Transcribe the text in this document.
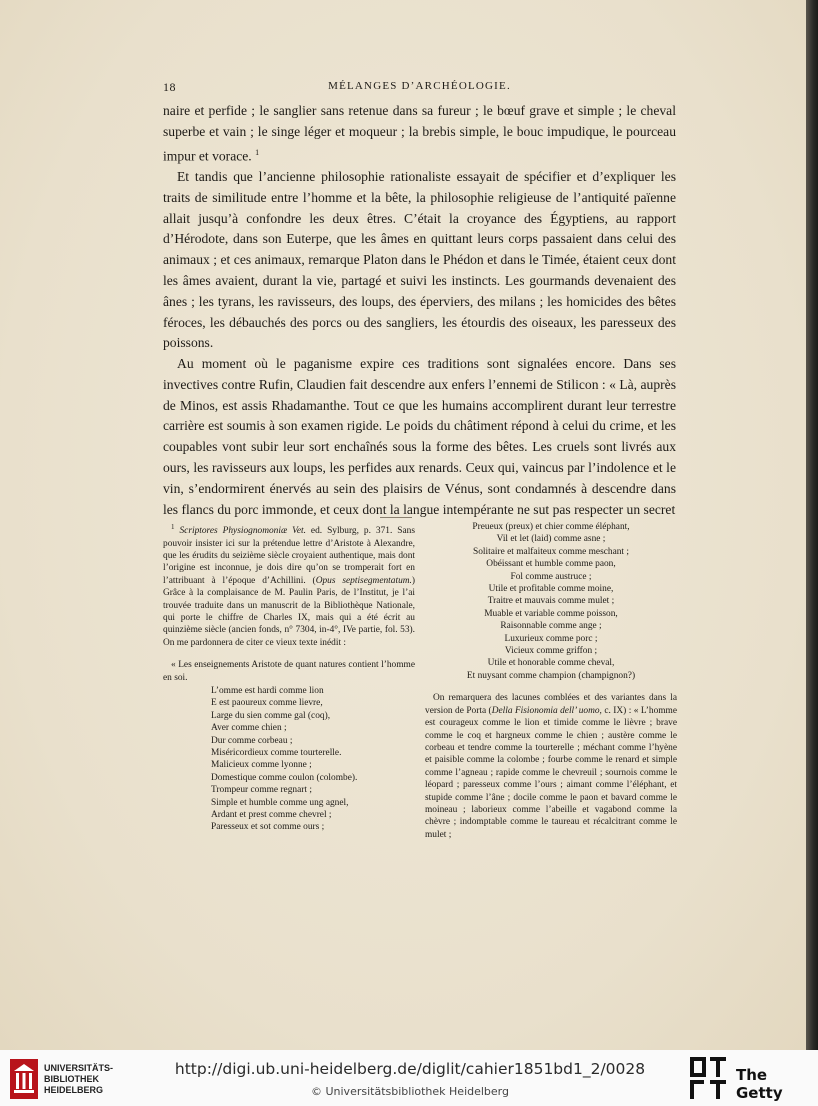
18	MÉLANGES D’ARCHÉOLOGIE.

naire et perfide ; le sanglier sans retenue dans sa fureur ; le bœuf grave et simple ; le cheval superbe et vain ; le singe léger et moqueur ; la brebis simple, le bouc impudique, le pourceau impur et vorace. $^1$

Et tandis que l’ancienne philosophie rationaliste essayait de spécifier et d’expliquer les traits de similitude entre l’homme et la bête, la philosophie religieuse de l’antiquité païenne allait jusqu’à confondre les deux êtres. C’était la croyance des Égyptiens, au rapport d’Hérodote, dans son Euterpe, que les âmes en quittant leurs corps passaient dans celui des animaux ; et ces animaux, remarque Platon dans le Phédon et dans le Timée, étaient ceux dont les âmes avaient, durant la vie, partagé et suivi les instincts. Les gourmands devenaient des ânes ; les tyrans, les ravisseurs, des loups, des éperviers, des milans ; les homicides des bêtes féroces, les débauchés des porcs ou des sangliers, les étourdis des oiseaux, les paresseux des poissons.

Au moment où le paganisme expire ces traditions sont signalées encore. Dans ses invectives contre Rufin, Claudien fait descendre aux enfers l’ennemi de Stilicon : « Là, auprès de Minos, est assis Rhadamanthe. Tout ce que les humains accomplirent durant leur terrestre carrière est soumis à son examen rigide. Le poids du châtiment répond à celui du crime, et les coupables vont subir leur sort enchaînés sous la forme des bêtes. Les cruels sont livrés aux ours, les ravisseurs aux loups, les perfides aux renards. Ceux qui, vaincus par l’indolence et le vin, s’endormirent énervés au sein des plaisirs de Vénus, sont condamnés à descendre dans les flancs du porc immonde, et ceux dont la langue intempérante ne sut pas respecter un secret

$^1$ Scriptores Physiognomoniæ Vet. ed. Sylburg, p. 371. Sans pouvoir insister ici sur la prétendue lettre d’Aristote à Alexandre, que les érudits du seizième siècle croyaient authentique, mais dont l’origine est inconnue, je dois dire qu’on se tromperait fort en l’attribuant à l’époque d’Achillini. (Opus septisegmentatum.) Grâce à la complaisance de M. Paulin Paris, de l’Institut, je l’ai trouvée traduite dans un manuscrit de la Bibliothèque Nationale, qui porte le chiffre de Charles IX, mais qui a été écrit au quinzième siècle (ancien fonds, n° 7304, in-4°, IVe partie, fol. 53). On me pardonnera de citer ce vieux texte inédit :

« Les enseignements Aristote de quant natures contient l’homme en soi.

L’omme est hardi comme lion
E est paoureux comme lievre,
Large du sien comme gal (coq),
Aver comme chien ;
Dur comme corbeau ;
Miséricordieux comme tourterelle.
Malicieux comme lyonne ;
Domestique comme coulon (colombe).
Trompeur comme regnart ;
Simple et humble comme ung agnel,
Ardant et prest comme chevrel ;
Paresseux et sot comme ours ;
Preueux (preux) et chier comme éléphant,
Vil et let (laid) comme asne ;
Solitaire et malfaiteux comme meschant ;
Obéissant et humble comme paon,
Fol comme austruce ;
Utile et profitable comme moine,
Traitre et mauvais comme mulet ;
Muable et variable comme poisson,
Raisonnable comme ange ;
Luxurieux comme porc ;
Vicieux comme griffon ;
Utile et honorable comme cheval,
Et nuysant comme champion (champignon?)

On remarquera des lacunes comblées et des variantes dans la version de Porta (Della Fisionomia dell’ uomo, c. IX) : « L’homme est courageux comme le lion et timide comme le lièvre ; brave comme le coq et hargneux comme le chien ; austère comme le corbeau et tendre comme la tourterelle ; méchant comme l’hyène et paisible comme la colombe ; fourbe comme le renard et simple comme l’agneau ; rapide comme le chevreuil ; sournois comme le léopard ; paresseux comme l’ours ; aimant comme l’éléphant, et stupide comme l’âne ; docile comme le paon et bavard comme le moineau ; laborieux comme l’abeille et vagabond comme la chèvre ; indomptable comme le taureau et récalcitrant comme le mulet ;

UNIVERSITÄTS-
BIBLIOTHEK
HEIDELBERG
http://digi.ub.uni-heidelberg.de/diglit/cahier1851bd1_2/0028
© Universitätsbibliothek Heidelberg
The Getty
